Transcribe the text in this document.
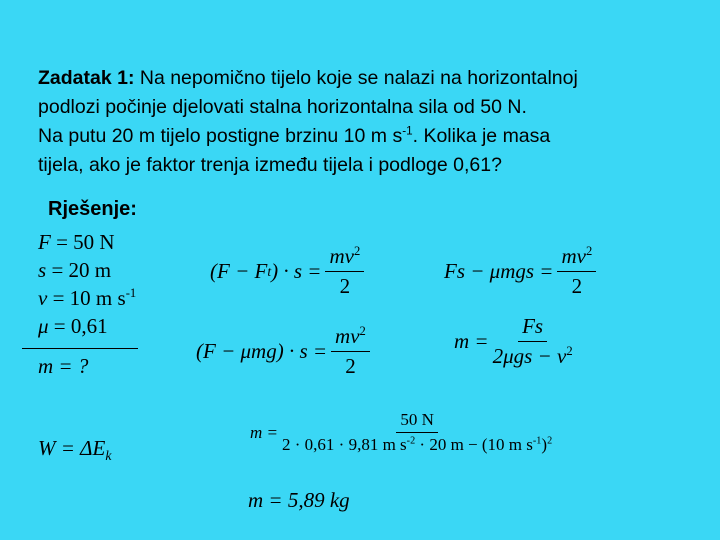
Zadatak 1: Na nepomično tijelo koje se nalazi na horizontalnoj
podlozi počinje djelovati stalna horizontalna sila od 50 N.
Na putu 20 m tijelo postigne brzinu 10 m $s^{-1}$. Kolika je masa
tijela, ako je faktor trenja između tijela i podloge 0,61?
Rješenje:
F = 50 N
s = 20 m
v = 10 m $s^{-1}$
μ = 0,61
m = ?
$W = \Delta E_k$
(F − F t ) · $s = \frac{mv^2}{2}$
$(F - \mu mg) \cdot s = \frac{mv^2}{2}$
$Fs - \mu mgs = \frac{mv^2}{2}$
$m = \frac{Fs}{2\mu gs - v^2}$
$m = \frac{50 N}{2 \cdot 0,61 \cdot 9,81 m s^{-2} \cdot 20 m - (10 m s^{-1})^2}$
m = 5,89 kg
